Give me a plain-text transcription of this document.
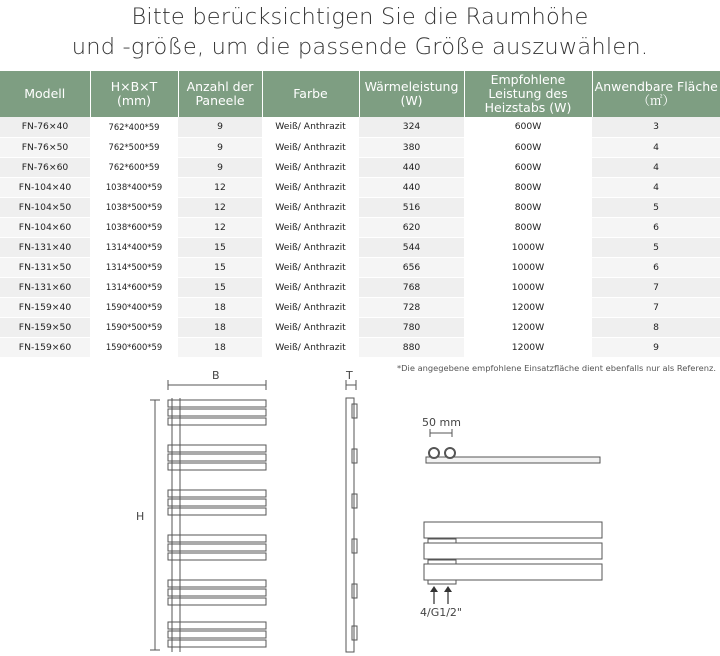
Bitte berücksichtigen Sie die Raumhöhe
und -größe, um die passende Größe auszuwählen.
Modell	H×B×T (mm)	Anzahl der Paneele	Farbe	Wärmeleistung (W)	Empfohlene Leistung des Heizstabs (W)	Anwendbare Fläche（㎡）
FN-76×40	762*400*59	9	Weiß/ Anthrazit	324	600W	3
FN-76×50	762*500*59	9	Weiß/ Anthrazit	380	600W	4
FN-76×60	762*600*59	9	Weiß/ Anthrazit	440	600W	4
FN-104×40	1038*400*59	12	Weiß/ Anthrazit	440	800W	4
FN-104×50	1038*500*59	12	Weiß/ Anthrazit	516	800W	5
FN-104×60	1038*600*59	12	Weiß/ Anthrazit	620	800W	6
FN-131×40	1314*400*59	15	Weiß/ Anthrazit	544	1000W	5
FN-131×50	1314*500*59	15	Weiß/ Anthrazit	656	1000W	6
FN-131×60	1314*600*59	15	Weiß/ Anthrazit	768	1000W	7
FN-159×40	1590*400*59	18	Weiß/ Anthrazit	728	1200W	7
FN-159×50	1590*500*59	18	Weiß/ Anthrazit	780	1200W	8
FN-159×60	1590*600*59	18	Weiß/ Anthrazit	880	1200W	9
*Die angegebene empfohlene Einsatzfläche dient ebenfalls nur als Referenz.
B	T
H
50 mm
4/G1/2"
